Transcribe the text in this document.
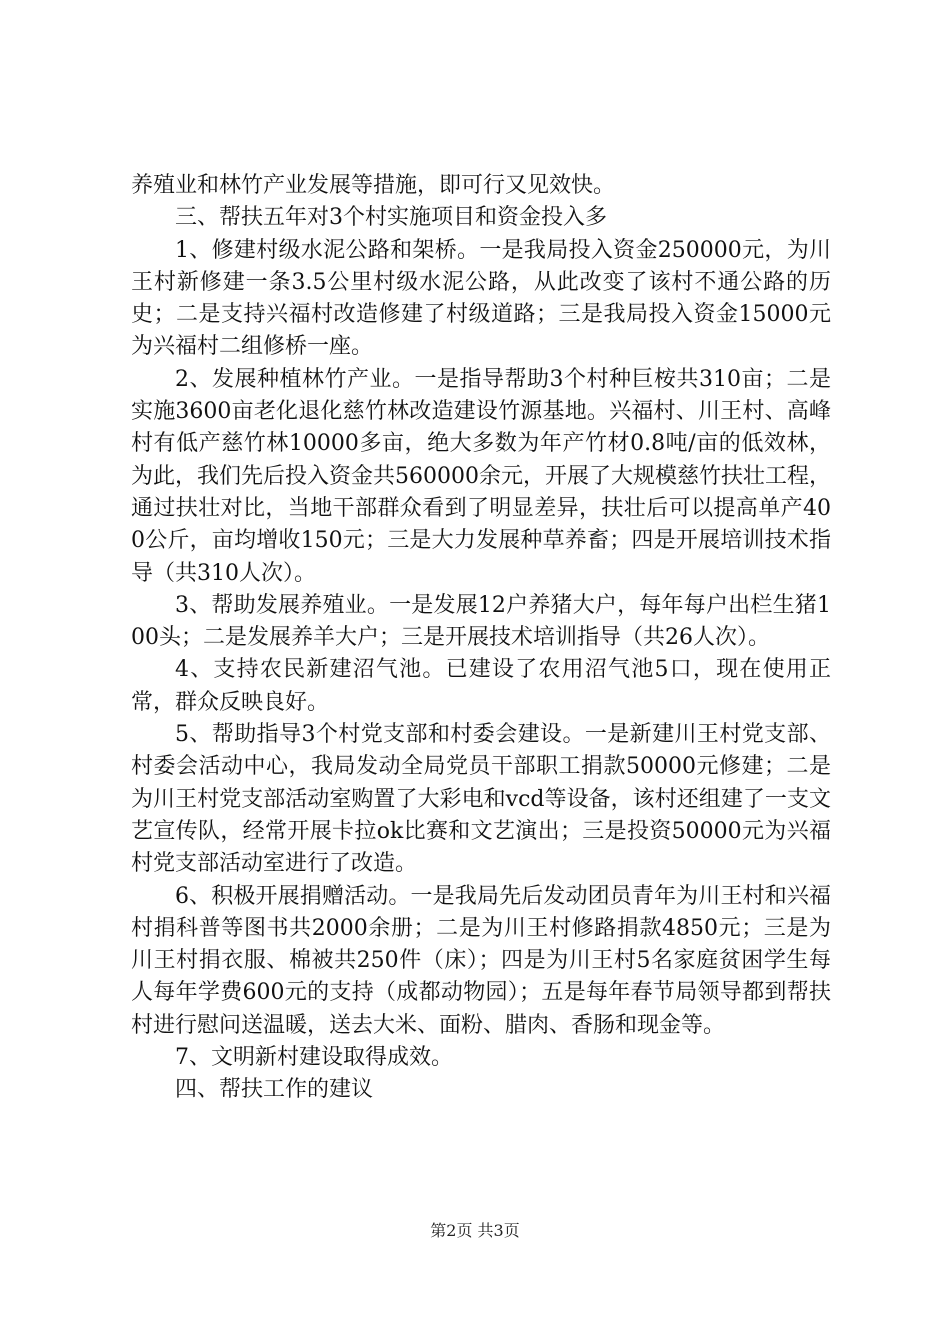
养殖业和林竹产业发展等措施，即可行又见效快。

三、帮扶五年对3个村实施项目和资金投入多

1、修建村级水泥公路和架桥。一是我局投入资金250000元，为川王村新修建一条3.5公里村级水泥公路，从此改变了该村不通公路的历史；二是支持兴福村改造修建了村级道路；三是我局投入资金15000元为兴福村二组修桥一座。

2、发展种植林竹产业。一是指导帮助3个村种巨桉共310亩；二是实施3600亩老化退化慈竹林改造建设竹源基地。兴福村、川王村、高峰村有低产慈竹林10000多亩，绝大多数为年产竹材0.8吨/亩的低效林，为此，我们先后投入资金共560000余元，开展了大规模慈竹扶壮工程，通过扶壮对比，当地干部群众看到了明显差异，扶壮后可以提高单产400公斤，亩均增收150元；三是大力发展种草养畜；四是开展培训技术指导（共310人次）。

3、帮助发展养殖业。一是发展12户养猪大户，每年每户出栏生猪100头；二是发展养羊大户；三是开展技术培训指导（共26人次）。

4、支持农民新建沼气池。已建设了农用沼气池5口，现在使用正常，群众反映良好。

5、帮助指导3个村党支部和村委会建设。一是新建川王村党支部、村委会活动中心，我局发动全局党员干部职工捐款50000元修建；二是为川王村党支部活动室购置了大彩电和vcd等设备，该村还组建了一支文艺宣传队，经常开展卡拉ok比赛和文艺演出；三是投资50000元为兴福村党支部活动室进行了改造。

6、积极开展捐赠活动。一是我局先后发动团员青年为川王村和兴福村捐科普等图书共2000余册；二是为川王村修路捐款4850元；三是为川王村捐衣服、棉被共250件（床）；四是为川王村5名家庭贫困学生每人每年学费600元的支持（成都动物园）；五是每年春节局领导都到帮扶村进行慰问送温暖，送去大米、面粉、腊肉、香肠和现金等。

7、文明新村建设取得成效。

四、帮扶工作的建议

第2页 共3页
